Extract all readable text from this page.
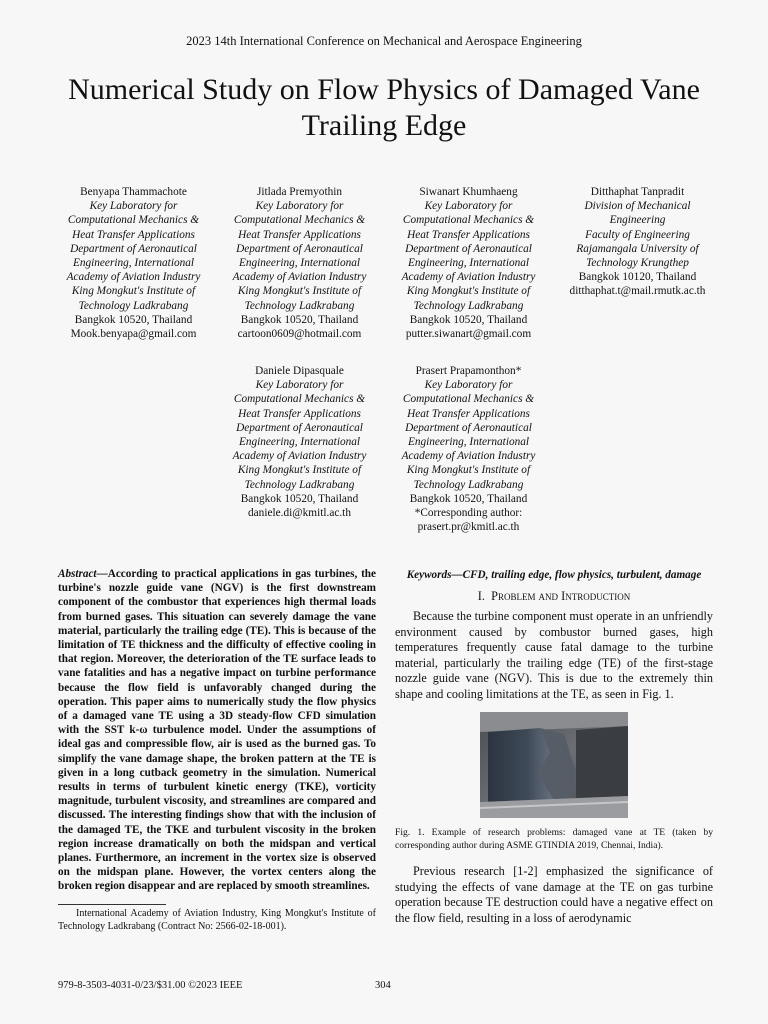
2023 14th International Conference on Mechanical and Aerospace Engineering
Numerical Study on Flow Physics of Damaged Vane
Trailing Edge
Benyapa Thammachote
Key Laboratory for
Computational Mechanics &
Heat Transfer Applications
Department of Aeronautical
Engineering, International
Academy of Aviation Industry
King Mongkut's Institute of
Technology Ladkrabang
Bangkok 10520, Thailand
Mook.benyapa@gmail.com
Jitlada Premyothin
Key Laboratory for
Computational Mechanics &
Heat Transfer Applications
Department of Aeronautical
Engineering, International
Academy of Aviation Industry
King Mongkut's Institute of
Technology Ladkrabang
Bangkok 10520, Thailand
cartoon0609@hotmail.com
Siwanart Khumhaeng
Key Laboratory for
Computational Mechanics &
Heat Transfer Applications
Department of Aeronautical
Engineering, International
Academy of Aviation Industry
King Mongkut's Institute of
Technology Ladkrabang
Bangkok 10520, Thailand
putter.siwanart@gmail.com
Ditthaphat Tanpradit
Division of Mechanical
Engineering
Faculty of Engineering
Rajamangala University of
Technology Krungthep
Bangkok 10120, Thailand
ditthaphat.t@mail.rmutk.ac.th
Daniele Dipasquale
Key Laboratory for
Computational Mechanics &
Heat Transfer Applications
Department of Aeronautical
Engineering, International
Academy of Aviation Industry
King Mongkut's Institute of
Technology Ladkrabang
Bangkok 10520, Thailand
daniele.di@kmitl.ac.th
Prasert Prapamonthon*
Key Laboratory for
Computational Mechanics &
Heat Transfer Applications
Department of Aeronautical
Engineering, International
Academy of Aviation Industry
King Mongkut's Institute of
Technology Ladkrabang
Bangkok 10520, Thailand
*Corresponding author:
prasert.pr@kmitl.ac.th
Abstract—According to practical applications in gas turbines, the turbine's nozzle guide vane (NGV) is the first downstream component of the combustor that experiences high thermal loads from burned gases. This situation can severely damage the vane material, particularly the trailing edge (TE). This is because of the limitation of TE thickness and the difficulty of effective cooling in that region. Moreover, the deterioration of the TE surface leads to vane fatalities and has a negative impact on turbine performance because the flow field is unfavorably changed during the operation. This paper aims to numerically study the flow physics of a damaged vane TE using a 3D steady-flow CFD simulation with the SST k-ω turbulence model. Under the assumptions of ideal gas and compressible flow, air is used as the burned gas. To simplify the vane damage shape, the broken pattern at the TE is given in a long cutback geometry in the simulation. Numerical results in terms of turbulent kinetic energy (TKE), vorticity magnitude, turbulent viscosity, and streamlines are compared and discussed. The interesting findings show that with the inclusion of the damaged TE, the TKE and turbulent viscosity in the broken region increase dramatically on both the midspan and vertical planes. Furthermore, an increment in the vortex size is observed on the midspan plane. However, the vortex centers along the broken region disappear and are replaced by smooth streamlines.
International Academy of Aviation Industry, King Mongkut's Institute of Technology Ladkrabang (Contract No: 2566-02-18-001).
Keywords—CFD, trailing edge, flow physics, turbulent, damage
I. Problem and Introduction
Because the turbine component must operate in an unfriendly environment caused by combustor burned gases, high temperatures frequently cause fatal damage to the turbine material, particularly the trailing edge (TE) of the first-stage nozzle guide vane (NGV). This is due to the extremely thin shape and cooling limitations at the TE, as seen in Fig. 1.
Fig. 1. Example of research problems: damaged vane at TE (taken by corresponding author during ASME GTINDIA 2019, Chennai, India).
Previous research [1-2] emphasized the significance of studying the effects of vane damage at the TE on gas turbine operation because TE destruction could have a negative effect on the flow field, resulting in a loss of aerodynamic
979-8-3503-4031-0/23/$31.00 ©2023 IEEE	304
